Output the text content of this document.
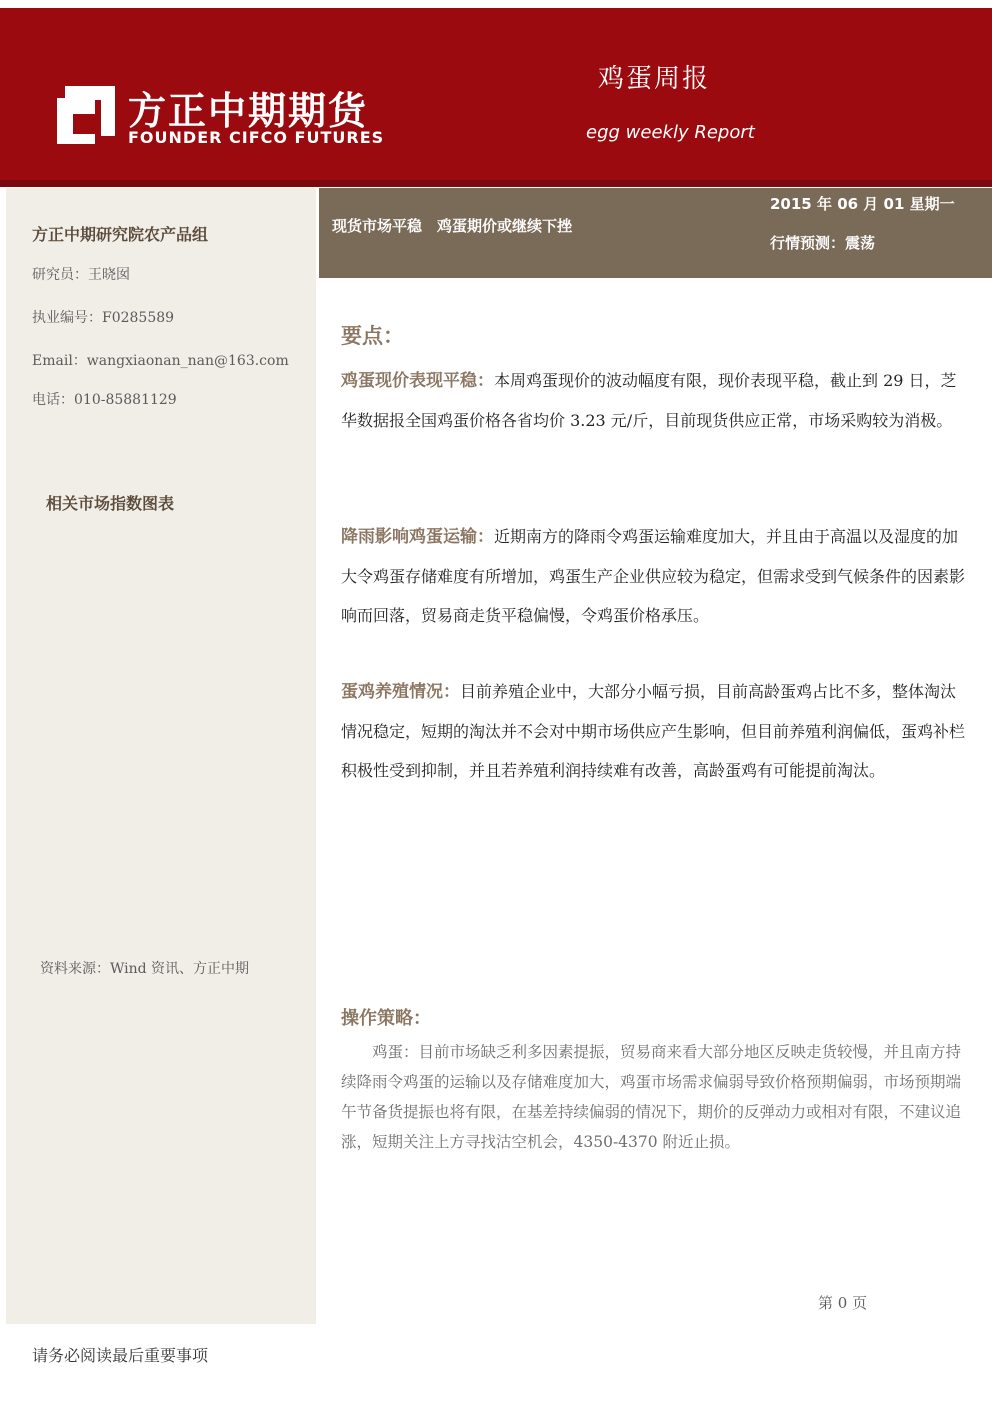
方正中期期货
FOUNDER CIFCO FUTURES
鸡蛋周报
egg weekly Report
方正中期研究院农产品组
研究员：王晓囡
执业编号：F0285589
Email：wangxiaonan_nan@163.com
电话：010-85881129
相关市场指数图表
资料来源：Wind 资讯、方正中期
现货市场平稳　鸡蛋期价或继续下挫
2015 年 06 月 01 星期一
行情预测：震荡
要点：

鸡蛋现价表现平稳：本周鸡蛋现价的波动幅度有限，现价表现平稳，截止到 29 日，芝华数据报全国鸡蛋价格各省均价 3.23 元/斤，目前现货供应正常，市场采购较为消极。

降雨影响鸡蛋运输：近期南方的降雨令鸡蛋运输难度加大，并且由于高温以及湿度的加大令鸡蛋存储难度有所增加，鸡蛋生产企业供应较为稳定，但需求受到气候条件的因素影响而回落，贸易商走货平稳偏慢，令鸡蛋价格承压。

蛋鸡养殖情况：目前养殖企业中，大部分小幅亏损，目前高龄蛋鸡占比不多，整体淘汰情况稳定，短期的淘汰并不会对中期市场供应产生影响，但目前养殖利润偏低，蛋鸡补栏积极性受到抑制，并且若养殖利润持续难有改善，高龄蛋鸡有可能提前淘汰。

操作策略：

鸡蛋：目前市场缺乏利多因素提振，贸易商来看大部分地区反映走货较慢，并且南方持续降雨令鸡蛋的运输以及存储难度加大，鸡蛋市场需求偏弱导致价格预期偏弱，市场预期端午节备货提振也将有限，在基差持续偏弱的情况下，期价的反弹动力或相对有限，不建议追涨，短期关注上方寻找沽空机会，4350-4370 附近止损。

第 0 页
请务必阅读最后重要事项
